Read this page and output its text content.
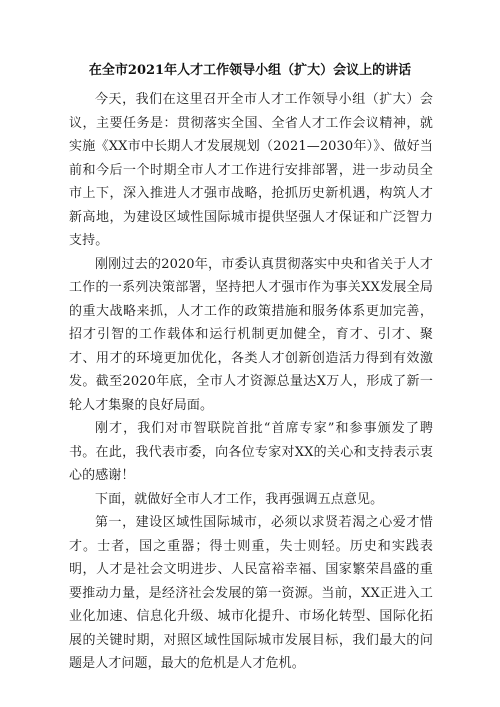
在全市2021年人才工作领导小组（扩大）会议上的讲话

今天，我们在这里召开全市人才工作领导小组（扩大）会议，主要任务是：贯彻落实全国、全省人才工作会议精神，就实施《XX市中长期人才发展规划（2021—2030年）》、做好当前和今后一个时期全市人才工作进行安排部署，进一步动员全市上下，深入推进人才强市战略，抢抓历史新机遇，构筑人才新高地，为建设区域性国际城市提供坚强人才保证和广泛智力支持。

刚刚过去的2020年，市委认真贯彻落实中央和省关于人才工作的一系列决策部署，坚持把人才强市作为事关XX发展全局的重大战略来抓，人才工作的政策措施和服务体系更加完善，招才引智的工作载体和运行机制更加健全，育才、引才、聚才、用才的环境更加优化，各类人才创新创造活力得到有效激发。截至2020年底，全市人才资源总量达X万人，形成了新一轮人才集聚的良好局面。

刚才，我们对市智联院首批“首席专家”和参事颁发了聘书。在此，我代表市委，向各位专家对XX的关心和支持表示衷心的感谢！

下面，就做好全市人才工作，我再强调五点意见。

第一，建设区域性国际城市，必须以求贤若渴之心爱才惜才。士者，国之重器；得士则重，失士则轻。历史和实践表明，人才是社会文明进步、人民富裕幸福、国家繁荣昌盛的重要推动力量，是经济社会发展的第一资源。当前，XX正进入工业化加速、信息化升级、城市化提升、市场化转型、国际化拓展的关键时期，对照区域性国际城市发展目标，我们最大的问题是人才问题，最大的危机是人才危机。
